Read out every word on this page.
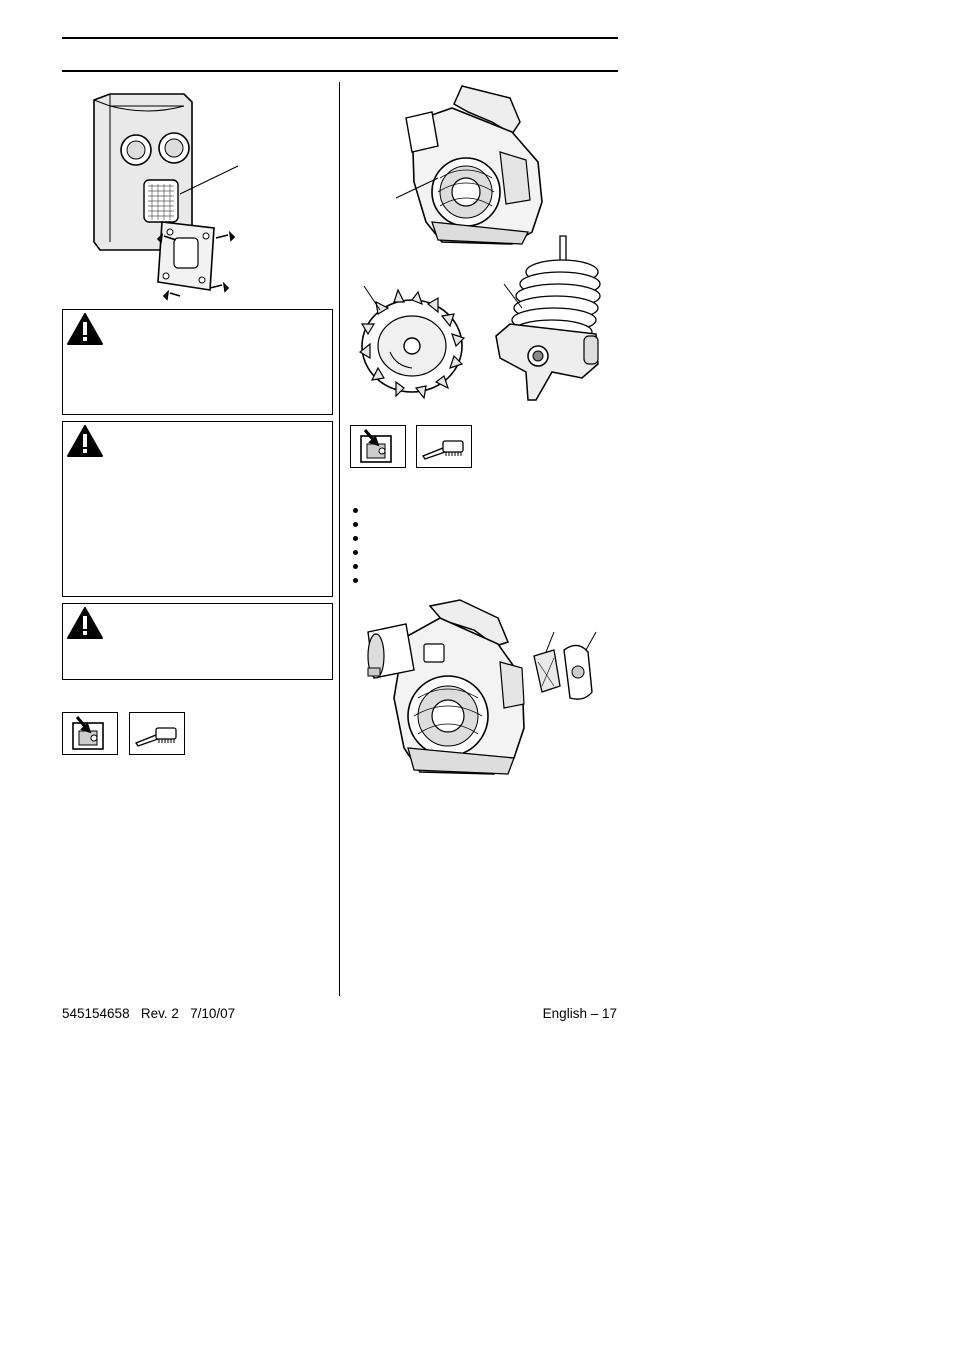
545154658 Rev. 2 7/10/07	English – 17
